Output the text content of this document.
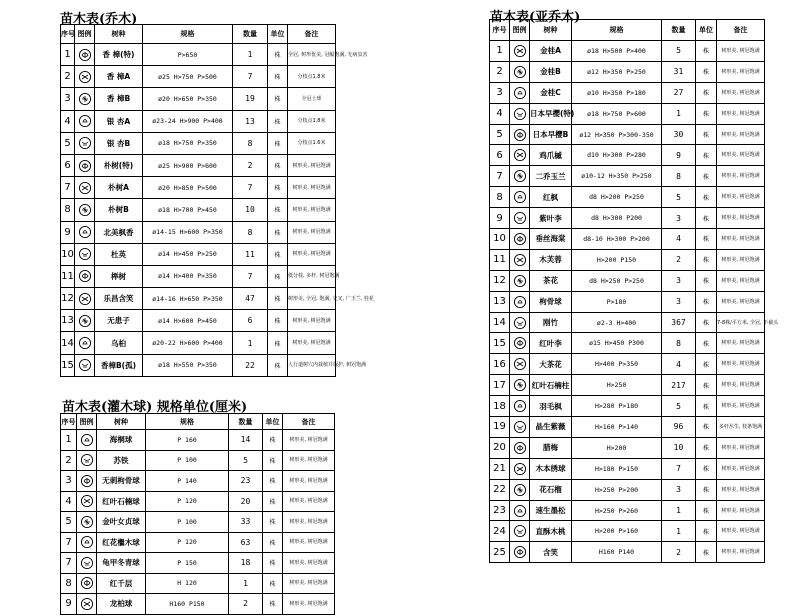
苗木表(乔木)
序号	图例	树种	规格	数量	单位	备注
1		香 樟(特)	P>650	1	株	全冠, 树形优美, 冠幅饱满, 无病虫害
2		香 樟A	ø25 H>750 P>500	7	株	分枝点1.8米
3		香 樟B	ø20 H>650 P>350	19	株	全冠土球
4		银 杏A	ø23-24 H>900 P>400	13	株	分枝点1.8米
5		银 杏B	ø18 H>750 P>350	8	株	分枝点1.6米
6		朴树(特)	ø25 H>900 P>600	2	株	树形美, 树冠饱满
7		朴树A	ø20 H>850 P>500	7	株	树形美, 树冠饱满
8		朴树B	ø18 H>700 P>450	10	株	树形美, 树冠饱满
9		北美枫香	ø14-15 H>600 P>350	8	株	树形美, 树冠饱满
10		杜英	ø14 H>450 P>250	11	株	树形美, 树冠饱满
11		榉树	ø14 H>400 P>350	7	株	低分枝, 多杆, 树冠饱满
12		乐昌含笑	ø14-16 H>650 P>350	47	株	树形美, 全冠, 饱满, 交叉, 广玉兰, 桂花
13		无患子	ø14 H>600 P>450	6	株	树形美, 树冠饱满
14		乌桕	ø20-22 H>600 P>400	1	株	树形美, 树冠饱满
15		香樟B(孤)	ø18 H>550 P>350	22	株	人行道树穴内栽植并保护, 树冠饱满
苗木表(灌木球) 规格单位(厘米)
序号	图例	树种	规格	数量	单位	备注
1		海桐球	P 160	14	株	树形美, 树冠饱满
2		苏铁	P 100	5	株	树形美, 树冠饱满
3		无刺枸骨球	P 140	23	株	树形美, 树冠饱满
4		红叶石楠球	P 120	20	株	树形美, 树冠饱满
5		金叶女贞球	P 100	33	株	树形美, 树冠饱满
7		红花檵木球	P 120	63	株	树形美, 树冠饱满
7		龟甲冬青球	P 150	18	株	树形美, 树冠饱满
8		红千层	H 120	1	株	树形美, 树冠饱满
9		龙柏球	H160 P150	2	株	树形美, 树冠饱满
苗木表(亚乔木)
序号	图例	树种	规格	数量	单位	备注
1		金桂A	ø18 H>500 P>400	5	株	树形美, 树冠饱满
2		金桂B	ø12 H>350 P>250	31	株	树形美, 树冠饱满
3		金桂C	ø10 H>350 P>180	27	株	树形美, 树冠饱满
4		日本早樱(特)	ø18 H>750 P>600	1	株	树形美, 树冠饱满
5		日本早樱B	ø12 H>350 P>300-350	30	株	树形美, 树冠饱满
6		鸡爪槭	d10 H>300 P>280	9	株	树形美, 树冠饱满
7		二乔玉兰	ø10-12 H>350 P>250	8	株	树形美, 树冠饱满
8		红枫	d8 H>200 P>250	5	株	树形美, 树冠饱满
9		紫叶李	d8 H>300 P200	3	株	树形美, 树冠饱满
10		垂丝海棠	d8-10 H>300 P>200	4	株	树形美, 树冠饱满
11		木芙蓉	H>200 P150	2	株	树形美, 树冠饱满
12		茶花	d8 H>250 P>250	3	株	树形美, 树冠饱满
13		枸骨球	P>180	3	株	树形美, 树冠饱满
14		刚竹	ø2-3 H>400	367	株	7-8株/平方米, 全冠, 不截头
15		红叶李	ø15 H>450 P300	8	株	树形美, 树冠饱满
16		大茶花	H>400 P>350	4	株	树形美, 树冠饱满
17		红叶石楠柱	H>250	217	株	树形美, 树冠饱满
18		羽毛枫	H>280 P>180	5	株	树形美, 树冠饱满
19		晶生紫薇	H>160 P>140	96	株	多杆丛生, 枝条饱满
20		腊梅	H>200	10	株	树形美, 树冠饱满
21		木本绣球	H>180 P>150	7	株	树形美, 树冠饱满
22		花石榴	H>250 P>200	3	株	树形美, 树冠饱满
23		速生墨松	H>250 P>260	1	株	树形美, 树冠饱满
24		直酥木桃	H>200 P>160	1	株	树形美, 树冠饱满
25		含笑	H160 P140	2	株	树形美, 树冠饱满
